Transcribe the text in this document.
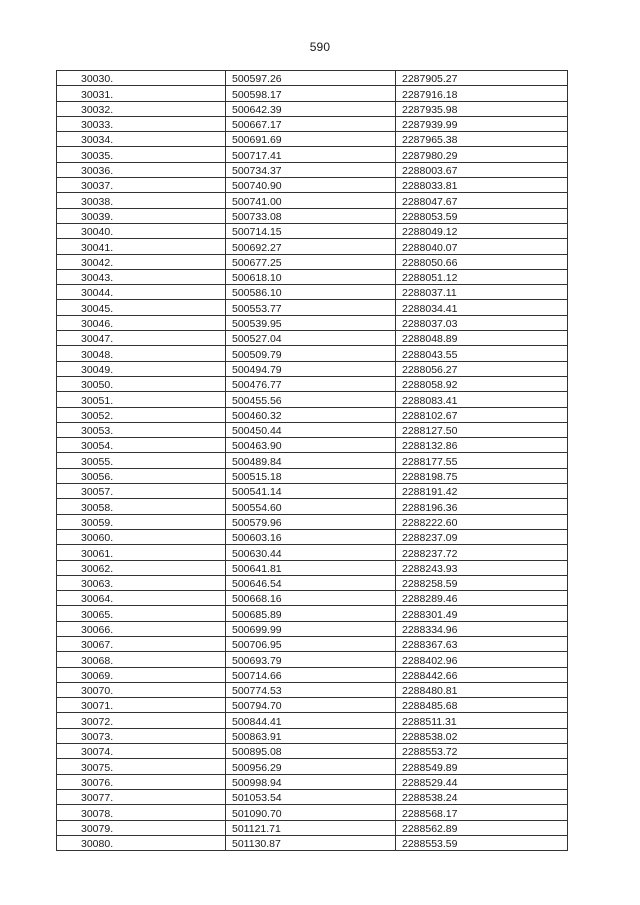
590
30030.	500597.26	2287905.27
30031.	500598.17	2287916.18
30032.	500642.39	2287935.98
30033.	500667.17	2287939.99
30034.	500691.69	2287965.38
30035.	500717.41	2287980.29
30036.	500734.37	2288003.67
30037.	500740.90	2288033.81
30038.	500741.00	2288047.67
30039.	500733.08	2288053.59
30040.	500714.15	2288049.12
30041.	500692.27	2288040.07
30042.	500677.25	2288050.66
30043.	500618.10	2288051.12
30044.	500586.10	2288037.11
30045.	500553.77	2288034.41
30046.	500539.95	2288037.03
30047.	500527.04	2288048.89
30048.	500509.79	2288043.55
30049.	500494.79	2288056.27
30050.	500476.77	2288058.92
30051.	500455.56	2288083.41
30052.	500460.32	2288102.67
30053.	500450.44	2288127.50
30054.	500463.90	2288132.86
30055.	500489.84	2288177.55
30056.	500515.18	2288198.75
30057.	500541.14	2288191.42
30058.	500554.60	2288196.36
30059.	500579.96	2288222.60
30060.	500603.16	2288237.09
30061.	500630.44	2288237.72
30062.	500641.81	2288243.93
30063.	500646.54	2288258.59
30064.	500668.16	2288289.46
30065.	500685.89	2288301.49
30066.	500699.99	2288334.96
30067.	500706.95	2288367.63
30068.	500693.79	2288402.96
30069.	500714.66	2288442.66
30070.	500774.53	2288480.81
30071.	500794.70	2288485.68
30072.	500844.41	2288511.31
30073.	500863.91	2288538.02
30074.	500895.08	2288553.72
30075.	500956.29	2288549.89
30076.	500998.94	2288529.44
30077.	501053.54	2288538.24
30078.	501090.70	2288568.17
30079.	501121.71	2288562.89
30080.	501130.87	2288553.59
